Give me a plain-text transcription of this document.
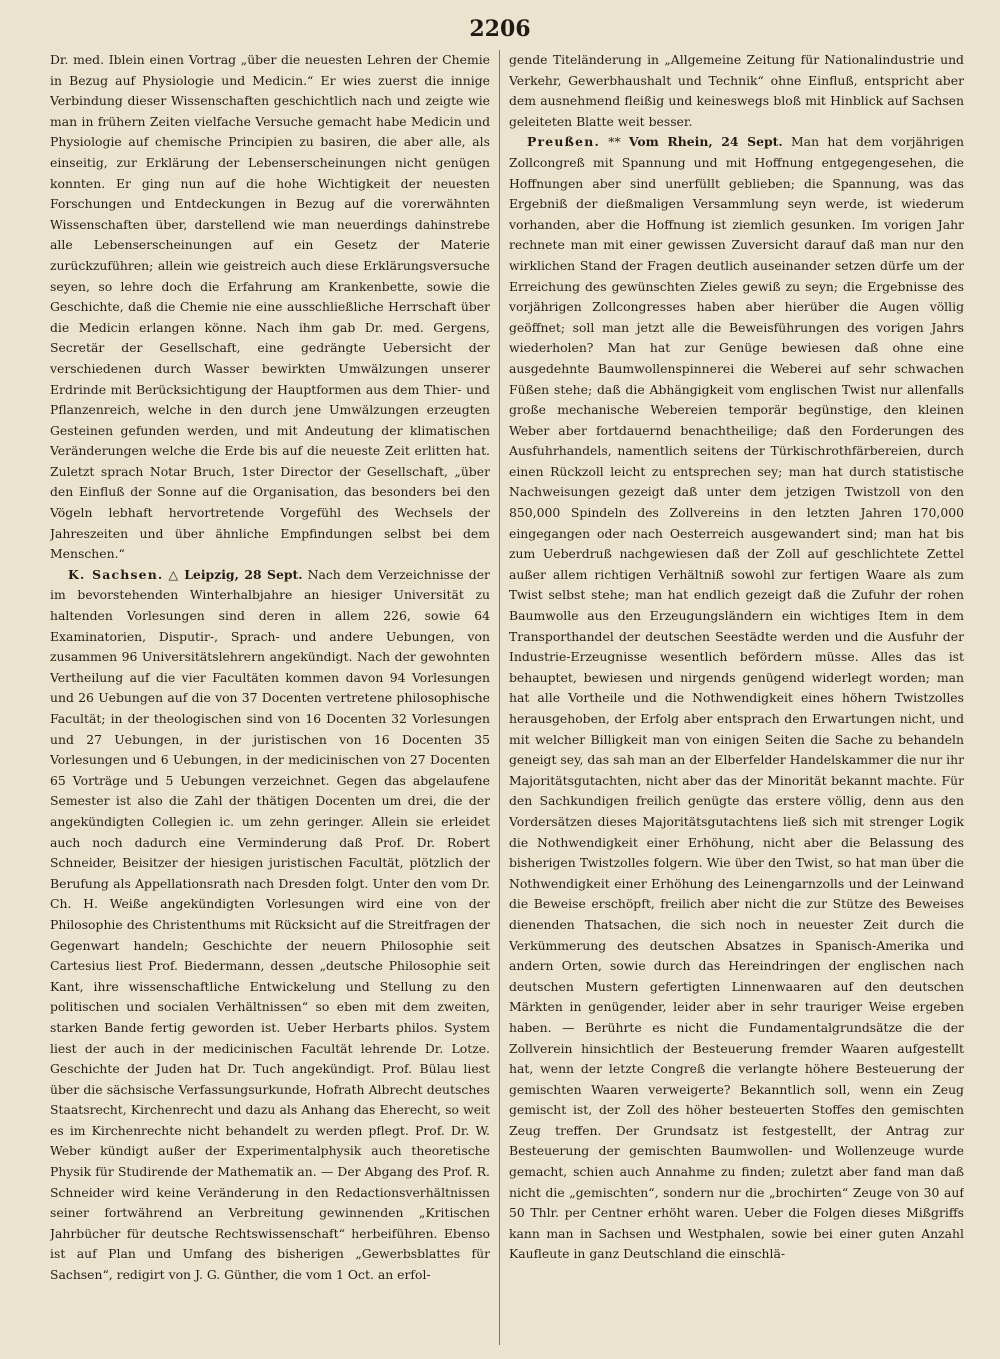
2206

Dr. med. Iblein einen Vortrag „über die neuesten Lehren der Chemie in Bezug auf Physiologie und Medicin.“ Er wies zuerst die innige Verbindung dieser Wissenschaften geschichtlich nach und zeigte wie man in frühern Zeiten vielfache Versuche gemacht habe Medicin und Physiologie auf chemische Principien zu basiren, die aber alle, als einseitig, zur Erklärung der Lebenserscheinungen nicht genügen konnten. Er ging nun auf die hohe Wichtigkeit der neuesten Forschungen und Entdeckungen in Bezug auf die vorerwähnten Wissenschaften über, darstellend wie man neuerdings dahinstrebe alle Lebenserscheinungen auf ein Gesetz der Materie zurückzuführen; allein wie geistreich auch diese Erklärungsversuche seyen, so lehre doch die Erfahrung am Krankenbette, sowie die Geschichte, daß die Chemie nie eine ausschließliche Herrschaft über die Medicin erlangen könne. Nach ihm gab Dr. med. Gergens, Secretär der Gesellschaft, eine gedrängte Uebersicht der verschiedenen durch Wasser bewirkten Umwälzungen unserer Erdrinde mit Berücksichtigung der Hauptformen aus dem Thier- und Pflanzenreich, welche in den durch jene Umwälzungen erzeugten Gesteinen gefunden werden, und mit Andeutung der klimatischen Veränderungen welche die Erde bis auf die neueste Zeit erlitten hat. Zuletzt sprach Notar Bruch, 1ster Director der Gesellschaft, „über den Einfluß der Sonne auf die Organisation, das besonders bei den Vögeln lebhaft hervortretende Vorgefühl des Wechsels der Jahreszeiten und über ähnliche Empfindungen selbst bei dem Menschen.“

K. Sachsen. △ Leipzig, 28 Sept. Nach dem Verzeichnisse der im bevorstehenden Winterhalbjahre an hiesiger Universität zu haltenden Vorlesungen sind deren in allem 226, sowie 64 Examinatorien, Disputir-, Sprach- und andere Uebungen, von zusammen 96 Universitätslehrern angekündigt. Nach der gewohnten Vertheilung auf die vier Facultäten kommen davon 94 Vorlesungen und 26 Uebungen auf die von 37 Docenten vertretene philosophische Facultät; in der theologischen sind von 16 Docenten 32 Vorlesungen und 27 Uebungen, in der juristischen von 16 Docenten 35 Vorlesungen und 6 Uebungen, in der medicinischen von 27 Docenten 65 Vorträge und 5 Uebungen verzeichnet. Gegen das abgelaufene Semester ist also die Zahl der thätigen Docenten um drei, die der angekündigten Collegien ic. um zehn geringer. Allein sie erleidet auch noch dadurch eine Verminderung daß Prof. Dr. Robert Schneider, Beisitzer der hiesigen juristischen Facultät, plötzlich der Berufung als Appellationsrath nach Dresden folgt. Unter den vom Dr. Ch. H. Weiße angekündigten Vorlesungen wird eine von der Philosophie des Christenthums mit Rücksicht auf die Streitfragen der Gegenwart handeln; Geschichte der neuern Philosophie seit Cartesius liest Prof. Biedermann, dessen „deutsche Philosophie seit Kant, ihre wissenschaftliche Entwickelung und Stellung zu den politischen und socialen Verhältnissen“ so eben mit dem zweiten, starken Bande fertig geworden ist. Ueber Herbarts philos. System liest der auch in der medicinischen Facultät lehrende Dr. Lotze. Geschichte der Juden hat Dr. Tuch angekündigt. Prof. Bülau liest über die sächsische Verfassungsurkunde, Hofrath Albrecht deutsches Staatsrecht, Kirchenrecht und dazu als Anhang das Eherecht, so weit es im Kirchenrechte nicht behandelt zu werden pflegt. Prof. Dr. W. Weber kündigt außer der Experimentalphysik auch theoretische Physik für Studirende der Mathematik an. — Der Abgang des Prof. R. Schneider wird keine Veränderung in den Redactionsverhältnissen seiner fortwährend an Verbreitung gewinnenden „Kritischen Jahrbücher für deutsche Rechtswissenschaft“ herbeiführen. Ebenso ist auf Plan und Umfang des bisherigen „Gewerbsblattes für Sachsen“, redigirt von J. G. Günther, die vom 1 Oct. an erfol-

gende Titeländerung in „Allgemeine Zeitung für Nationalindustrie und Verkehr, Gewerbhaushalt und Technik“ ohne Einfluß, entspricht aber dem ausnehmend fleißig und keineswegs bloß mit Hinblick auf Sachsen geleiteten Blatte weit besser.

Preußen. ** Vom Rhein, 24 Sept. Man hat dem vorjährigen Zollcongreß mit Spannung und mit Hoffnung entgegengesehen, die Hoffnungen aber sind unerfüllt geblieben; die Spannung, was das Ergebniß der dießmaligen Versammlung seyn werde, ist wiederum vorhanden, aber die Hoffnung ist ziemlich gesunken. Im vorigen Jahr rechnete man mit einer gewissen Zuversicht darauf daß man nur den wirklichen Stand der Fragen deutlich auseinander setzen dürfe um der Erreichung des gewünschten Zieles gewiß zu seyn; die Ergebnisse des vorjährigen Zollcongresses haben aber hierüber die Augen völlig geöffnet; soll man jetzt alle die Beweisführungen des vorigen Jahrs wiederholen? Man hat zur Genüge bewiesen daß ohne eine ausgedehnte Baumwollenspinnerei die Weberei auf sehr schwachen Füßen stehe; daß die Abhängigkeit vom englischen Twist nur allenfalls große mechanische Webereien temporär begünstige, den kleinen Weber aber fortdauernd benachtheilige; daß den Forderungen des Ausfuhrhandels, namentlich seitens der Türkischrothfärbereien, durch einen Rückzoll leicht zu entsprechen sey; man hat durch statistische Nachweisungen gezeigt daß unter dem jetzigen Twistzoll von den 850,000 Spindeln des Zollvereins in den letzten Jahren 170,000 eingegangen oder nach Oesterreich ausgewandert sind; man hat bis zum Ueberdruß nachgewiesen daß der Zoll auf geschlichtete Zettel außer allem richtigen Verhältniß sowohl zur fertigen Waare als zum Twist selbst stehe; man hat endlich gezeigt daß die Zufuhr der rohen Baumwolle aus den Erzeugungsländern ein wichtiges Item in dem Transporthandel der deutschen Seestädte werden und die Ausfuhr der Industrie-Erzeugnisse wesentlich befördern müsse. Alles das ist behauptet, bewiesen und nirgends genügend widerlegt worden; man hat alle Vortheile und die Nothwendigkeit eines höhern Twistzolles herausgehoben, der Erfolg aber entsprach den Erwartungen nicht, und mit welcher Billigkeit man von einigen Seiten die Sache zu behandeln geneigt sey, das sah man an der Elberfelder Handelskammer die nur ihr Majoritätsgutachten, nicht aber das der Minorität bekannt machte. Für den Sachkundigen freilich genügte das erstere völlig, denn aus den Vordersätzen dieses Majoritätsgutachtens ließ sich mit strenger Logik die Nothwendigkeit einer Erhöhung, nicht aber die Belassung des bisherigen Twistzolles folgern. Wie über den Twist, so hat man über die Nothwendigkeit einer Erhöhung des Leinengarnzolls und der Leinwand die Beweise erschöpft, freilich aber nicht die zur Stütze des Beweises dienenden Thatsachen, die sich noch in neuester Zeit durch die Verkümmerung des deutschen Absatzes in Spanisch-Amerika und andern Orten, sowie durch das Hereindringen der englischen nach deutschen Mustern gefertigten Linnenwaaren auf den deutschen Märkten in genügender, leider aber in sehr trauriger Weise ergeben haben. — Berührte es nicht die Fundamentalgrundsätze die der Zollverein hinsichtlich der Besteuerung fremder Waaren aufgestellt hat, wenn der letzte Congreß die verlangte höhere Besteuerung der gemischten Waaren verweigerte? Bekanntlich soll, wenn ein Zeug gemischt ist, der Zoll des höher besteuerten Stoffes den gemischten Zeug treffen. Der Grundsatz ist festgestellt, der Antrag zur Besteuerung der gemischten Baumwollen- und Wollenzeuge wurde gemacht, schien auch Annahme zu finden; zuletzt aber fand man daß nicht die „gemischten“, sondern nur die „brochirten“ Zeuge von 30 auf 50 Thlr. per Centner erhöht waren. Ueber die Folgen dieses Mißgriffs kann man in Sachsen und Westphalen, sowie bei einer guten Anzahl Kaufleute in ganz Deutschland die einschlä-
